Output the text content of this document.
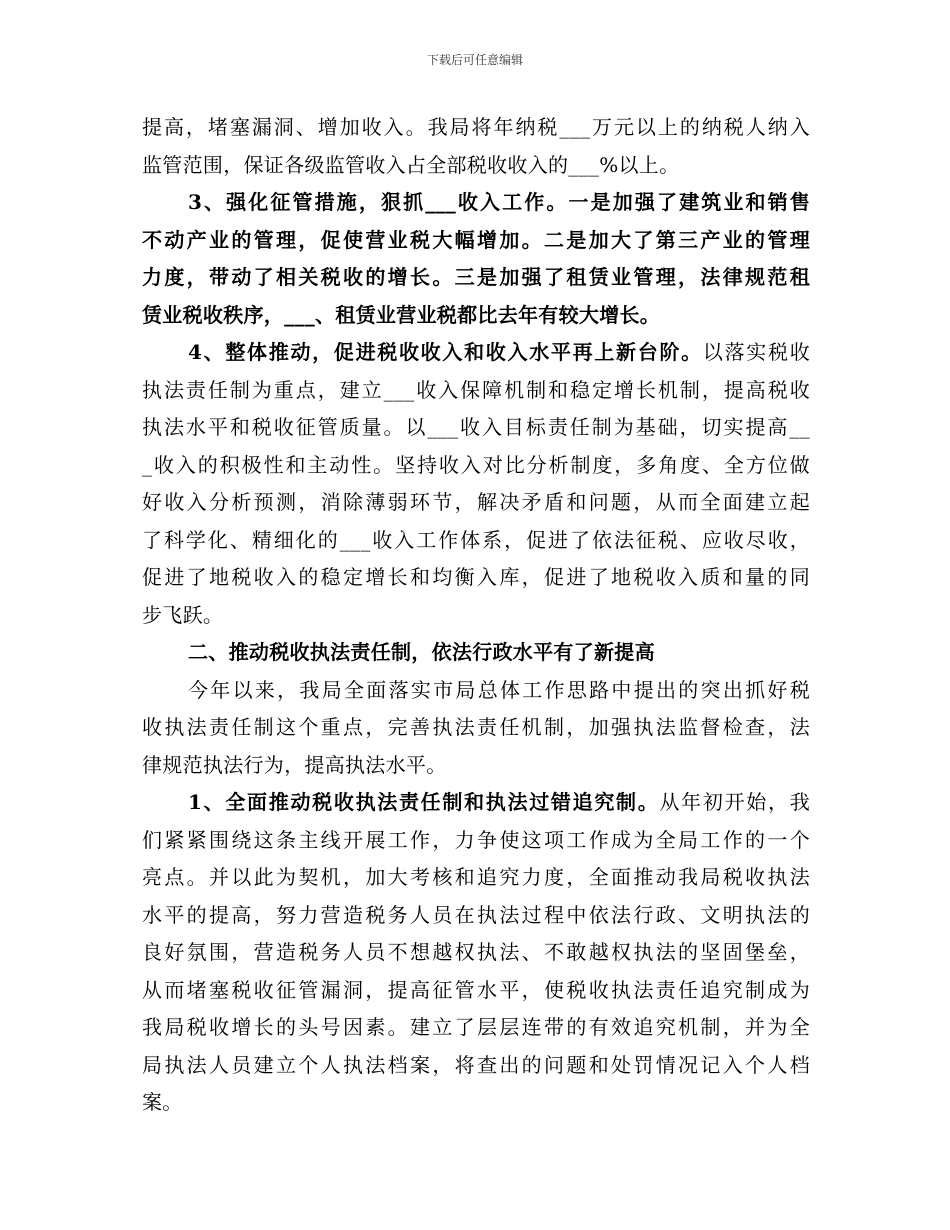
下载后可任意编辑
提高，堵塞漏洞、增加收入。我局将年纳税___万元以上的纳税人纳入
监管范围，保证各级监管收入占全部税收收入的___%以上。
3、强化征管措施，狠抓___收入工作。一是加强了建筑业和销售
不动产业的管理，促使营业税大幅增加。二是加大了第三产业的管理
力度，带动了相关税收的增长。三是加强了租赁业管理，法律规范租
赁业税收秩序，___、租赁业营业税都比去年有较大增长。
4、整体推动，促进税收收入和收入水平再上新台阶。以落实税收
执法责任制为重点，建立___收入保障机制和稳定增长机制，提高税收
执法水平和税收征管质量。以___收入目标责任制为基础，切实提高__
_收入的积极性和主动性。坚持收入对比分析制度，多角度、全方位做
好收入分析预测，消除薄弱环节，解决矛盾和问题，从而全面建立起
了科学化、精细化的___收入工作体系，促进了依法征税、应收尽收，
促进了地税收入的稳定增长和均衡入库，促进了地税收入质和量的同
步飞跃。
二、推动税收执法责任制，依法行政水平有了新提高
今年以来，我局全面落实市局总体工作思路中提出的突出抓好税
收执法责任制这个重点，完善执法责任机制，加强执法监督检查，法
律规范执法行为，提高执法水平。
1、全面推动税收执法责任制和执法过错追究制。从年初开始，我
们紧紧围绕这条主线开展工作，力争使这项工作成为全局工作的一个
亮点。并以此为契机，加大考核和追究力度，全面推动我局税收执法
水平的提高，努力营造税务人员在执法过程中依法行政、文明执法的
良好氛围，营造税务人员不想越权执法、不敢越权执法的坚固堡垒，
从而堵塞税收征管漏洞，提高征管水平，使税收执法责任追究制成为
我局税收增长的头号因素。建立了层层连带的有效追究机制，并为全
局执法人员建立个人执法档案，将查出的问题和处罚情况记入个人档
案。
